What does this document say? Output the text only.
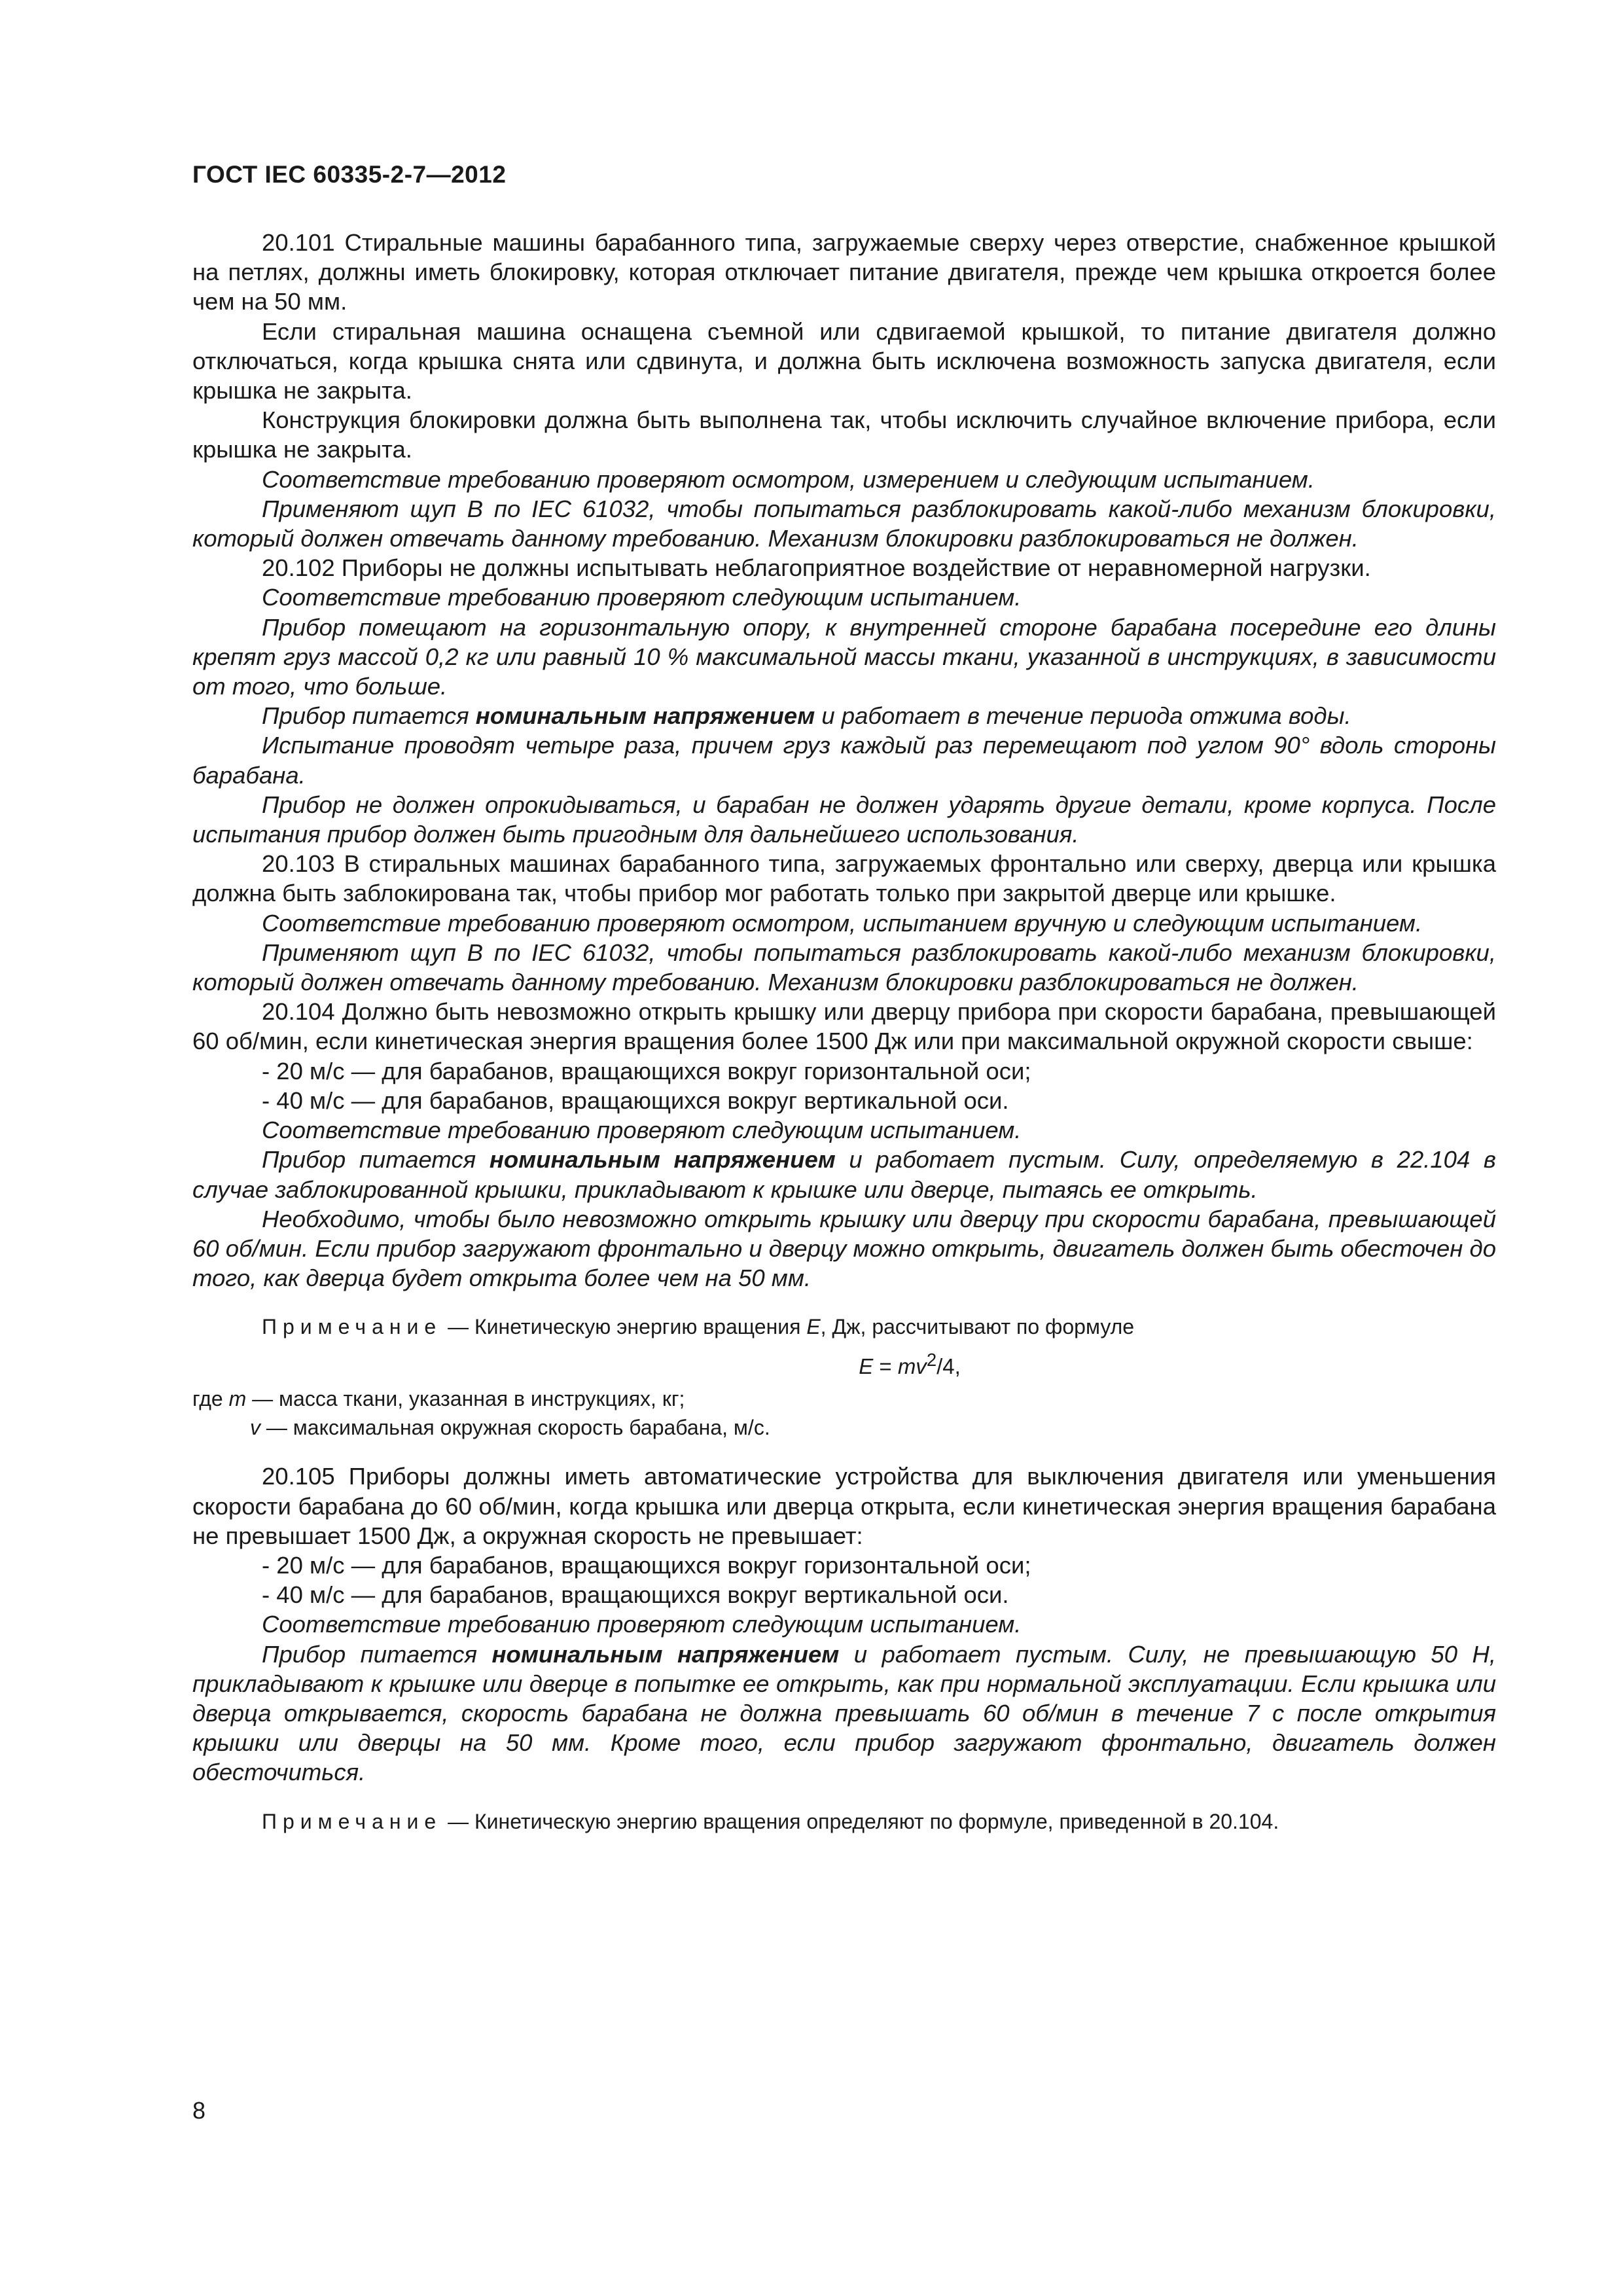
ГОСТ IEC 60335-2-7—2012

20.101 Стиральные машины барабанного типа, загружаемые сверху через отверстие, снабженное крышкой на петлях, должны иметь блокировку, которая отключает питание двигателя, прежде чем крышка откроется более чем на 50 мм.

Если стиральная машина оснащена съемной или сдвигаемой крышкой, то питание двигателя должно отключаться, когда крышка снята или сдвинута, и должна быть исключена возможность запуска двигателя, если крышка не закрыта.

Конструкция блокировки должна быть выполнена так, чтобы исключить случайное включение прибора, если крышка не закрыта.

Соответствие требованию проверяют осмотром, измерением и следующим испытанием.

Применяют щуп В по IEC 61032, чтобы попытаться разблокировать какой-либо механизм блокировки, который должен отвечать данному требованию. Механизм блокировки разблокироваться не должен.

20.102 Приборы не должны испытывать неблагоприятное воздействие от неравномерной нагрузки.

Соответствие требованию проверяют следующим испытанием.

Прибор помещают на горизонтальную опору, к внутренней стороне барабана посередине его длины крепят груз массой 0,2 кг или равный 10 % максимальной массы ткани, указанной в инструкциях, в зависимости от того, что больше.

Прибор питается номинальным напряжением и работает в течение периода отжима воды.

Испытание проводят четыре раза, причем груз каждый раз перемещают под углом 90° вдоль стороны барабана.

Прибор не должен опрокидываться, и барабан не должен ударять другие детали, кроме корпуса. После испытания прибор должен быть пригодным для дальнейшего использования.

20.103 В стиральных машинах барабанного типа, загружаемых фронтально или сверху, дверца или крышка должна быть заблокирована так, чтобы прибор мог работать только при закрытой дверце или крышке.

Соответствие требованию проверяют осмотром, испытанием вручную и следующим испытанием.

Применяют щуп В по IEC 61032, чтобы попытаться разблокировать какой-либо механизм блокировки, который должен отвечать данному требованию. Механизм блокировки разблокироваться не должен.

20.104 Должно быть невозможно открыть крышку или дверцу прибора при скорости барабана, превышающей 60 об/мин, если кинетическая энергия вращения более 1500 Дж или при максимальной окружной скорости свыше:

- 20 м/с — для барабанов, вращающихся вокруг горизонтальной оси;

- 40 м/с — для барабанов, вращающихся вокруг вертикальной оси.

Соответствие требованию проверяют следующим испытанием.

Прибор питается номинальным напряжением и работает пустым. Силу, определяемую в 22.104 в случае заблокированной крышки, прикладывают к крышке или дверце, пытаясь ее открыть.

Необходимо, чтобы было невозможно открыть крышку или дверцу при скорости барабана, превышающей 60 об/мин. Если прибор загружают фронтально и дверцу можно открыть, двигатель должен быть обесточен до того, как дверца будет открыта более чем на 50 мм.

Примечание — Кинетическую энергию вращения E, Дж, рассчитывают по формуле

$E = mv^2/4$,

где m — масса ткани, указанная в инструкциях, кг;

v — максимальная окружная скорость барабана, м/с.

20.105 Приборы должны иметь автоматические устройства для выключения двигателя или уменьшения скорости барабана до 60 об/мин, когда крышка или дверца открыта, если кинетическая энергия вращения барабана не превышает 1500 Дж, а окружная скорость не превышает:

- 20 м/с — для барабанов, вращающихся вокруг горизонтальной оси;

- 40 м/с — для барабанов, вращающихся вокруг вертикальной оси.

Соответствие требованию проверяют следующим испытанием.

Прибор питается номинальным напряжением и работает пустым. Силу, не превышающую 50 Н, прикладывают к крышке или дверце в попытке ее открыть, как при нормальной эксплуатации. Если крышка или дверца открывается, скорость барабана не должна превышать 60 об/мин в течение 7 с после открытия крышки или дверцы на 50 мм. Кроме того, если прибор загружают фронтально, двигатель должен обесточиться.

Примечание — Кинетическую энергию вращения определяют по формуле, приведенной в 20.104.

8
